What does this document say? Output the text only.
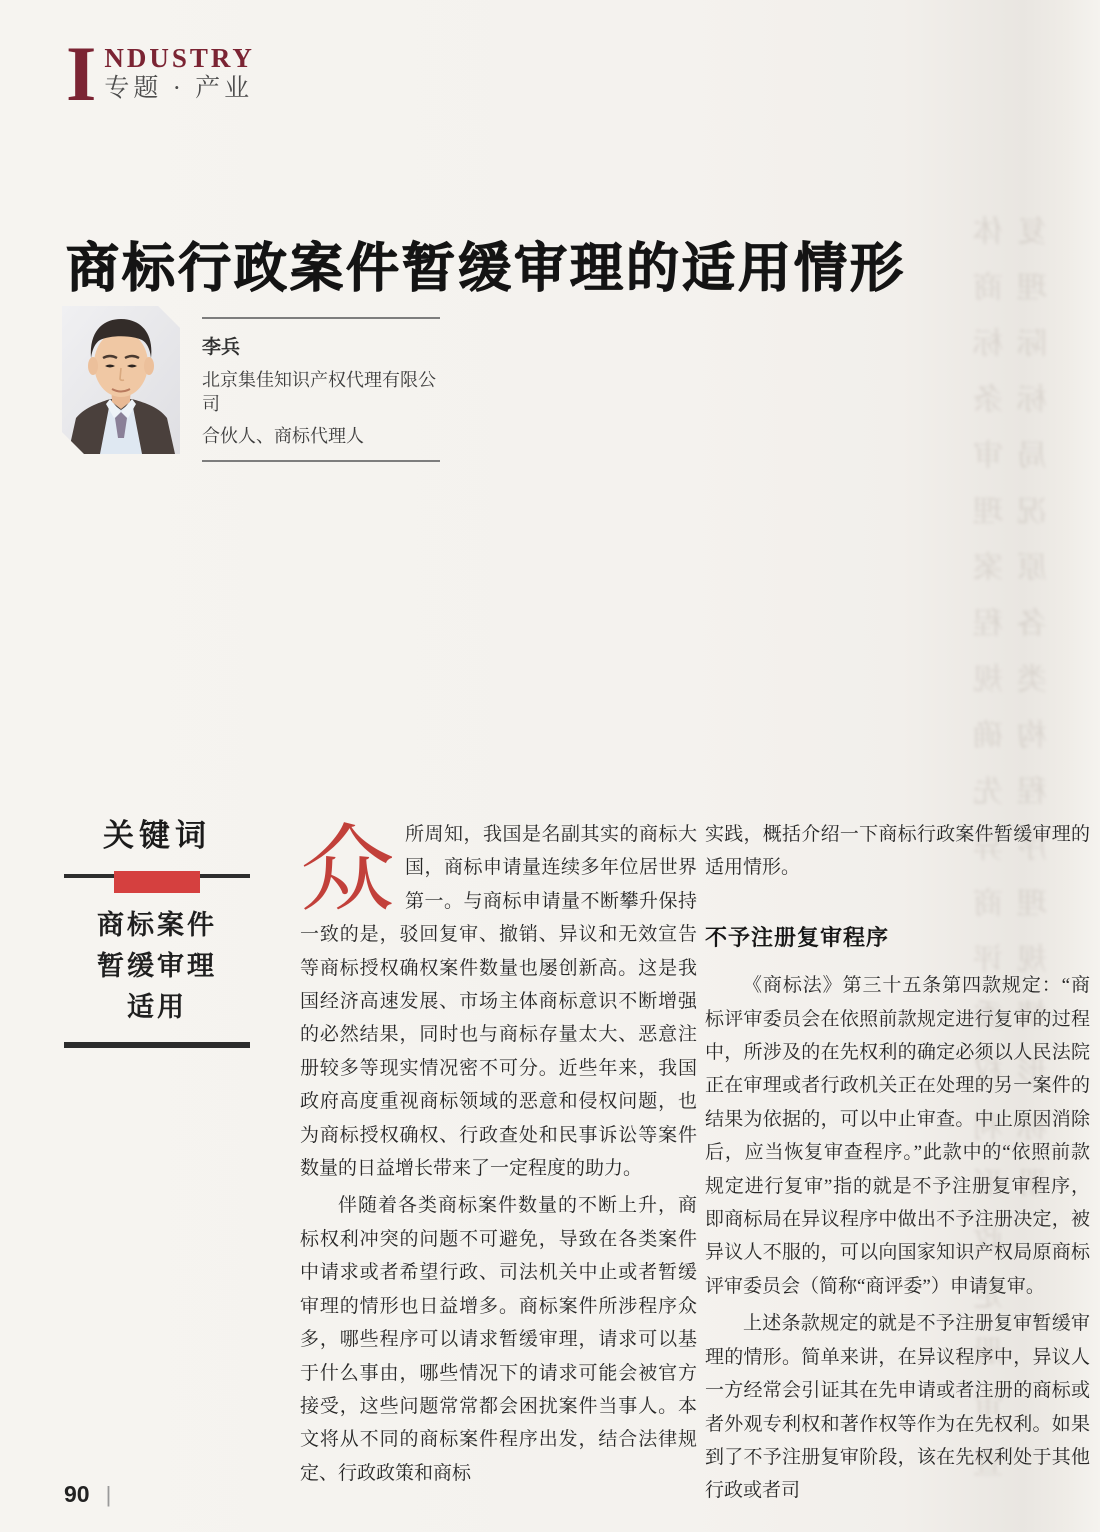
I NDUSTRY
专题 · 产业
商标行政案件暂缓审理的适用情形

李兵

北京集佳知识产权代理有限公司

合伙人、商标代理人

关键词
商标案件
暂缓审理
适用

众所周知，我国是名副其实的商标大国，商标申请量连续多年位居世界第一。与商标申请量不断攀升保持一致的是，驳回复审、撤销、异议和无效宣告等商标授权确权案件数量也屡创新高。这是我国经济高速发展、市场主体商标意识不断增强的必然结果，同时也与商标存量太大、恶意注册较多等现实情况密不可分。近些年来，我国政府高度重视商标领域的恶意和侵权问题，也为商标授权确权、行政查处和民事诉讼等案件数量的日益增长带来了一定程度的助力。

伴随着各类商标案件数量的不断上升，商标权利冲突的问题不可避免，导致在各类案件中请求或者希望行政、司法机关中止或者暂缓审理的情形也日益增多。商标案件所涉程序众多，哪些程序可以请求暂缓审理，请求可以基于什么事由，哪些情况下的请求可能会被官方接受，这些问题常常都会困扰案件当事人。本文将从不同的商标案件程序出发，结合法律规定、行政政策和商标

实践，概括介绍一下商标行政案件暂缓审理的适用情形。

不予注册复审程序

《商标法》第三十五条第四款规定：“商标评审委员会在依照前款规定进行复审的过程中，所涉及的在先权利的确定必须以人民法院正在审理或者行政机关正在处理的另一案件的结果为依据的，可以中止审查。中止原因消除后，应当恢复审查程序。”此款中的“依照前款规定进行复审”指的就是不予注册复审程序，即商标局在异议程序中做出不予注册决定，被异议人不服的，可以向国家知识产权局原商标评审委员会（简称“商评委”）申请复审。

上述条款规定的就是不予注册复审暂缓审理的情形。简单来讲，在异议程序中，异议人一方经常会引证其在先申请或者注册的商标或者外观专利权和著作权等作为在先权利。如果到了不予注册复审阶段，该在先权利处于其他行政或者司

90 |	体商标条审理案程规确先异商评委权利形政定册审查复理际标局况原各类构程序理规情形标册
